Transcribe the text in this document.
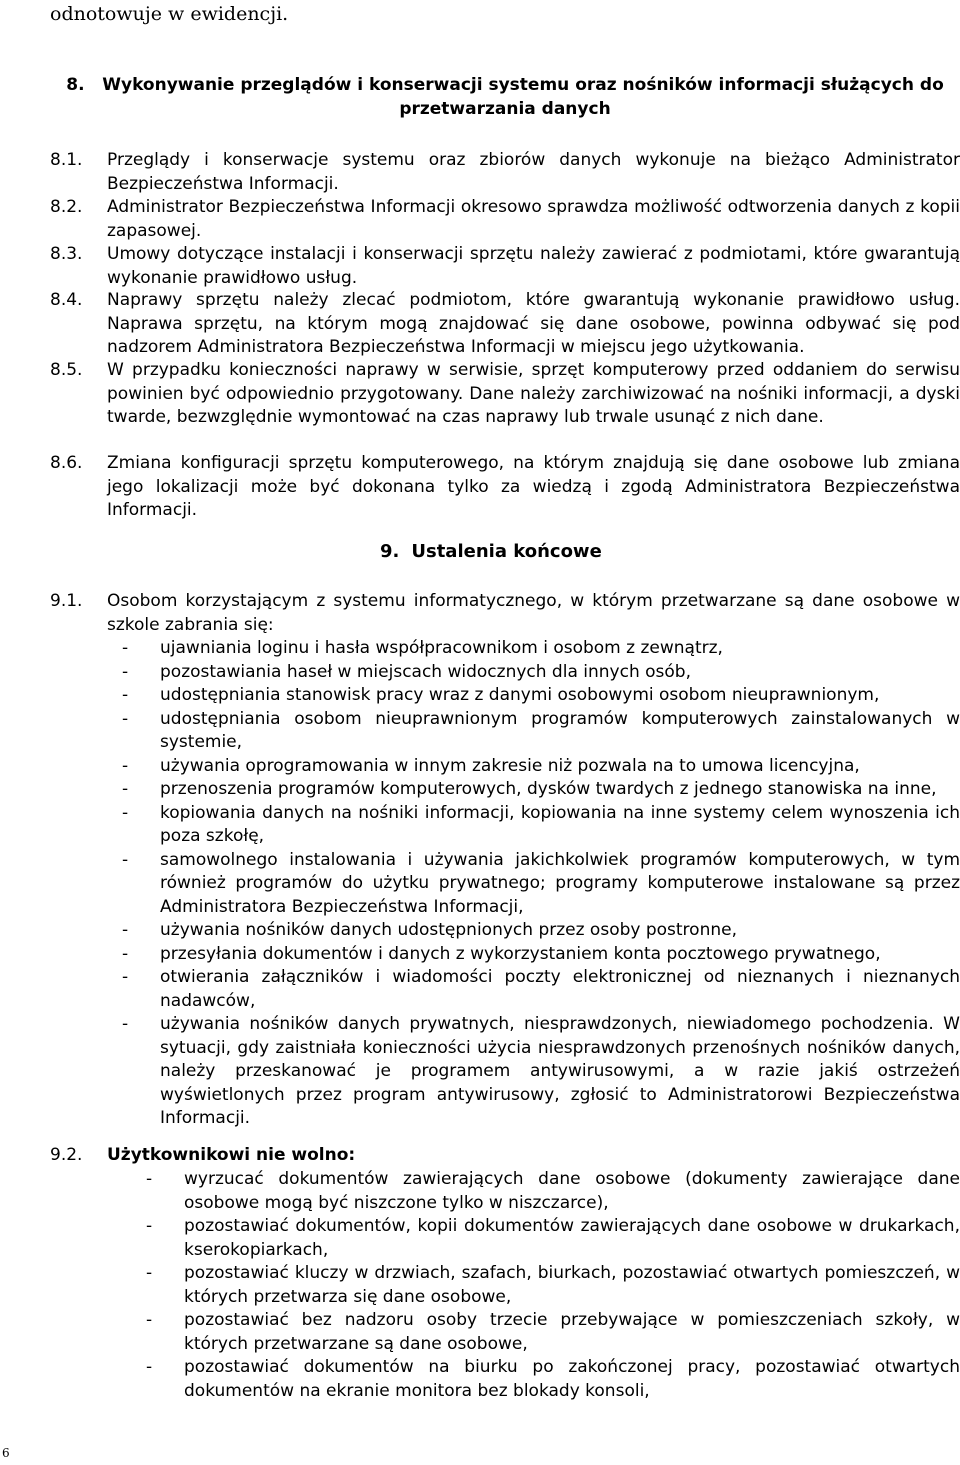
odnotowuje w ewidencji.
8. Wykonywanie przeglądów i konserwacji systemu oraz nośników informacji służących do przetwarzania danych
8.1.	Przeglądy i konserwacje systemu oraz zbiorów danych wykonuje na bieżąco Administrator Bezpieczeństwa Informacji.
8.2.	Administrator Bezpieczeństwa Informacji okresowo sprawdza możliwość odtworzenia danych z kopii zapasowej.
8.3.	Umowy dotyczące instalacji i konserwacji sprzętu należy zawierać z podmiotami, które gwarantują wykonanie prawidłowo usług.
8.4.	Naprawy sprzętu należy zlecać podmiotom, które gwarantują wykonanie prawidłowo usług. Naprawa sprzętu, na którym mogą znajdować się dane osobowe, powinna odbywać się pod nadzorem Administratora Bezpieczeństwa Informacji w miejscu jego użytkowania.
8.5.	W przypadku konieczności naprawy w serwisie, sprzęt komputerowy przed oddaniem do serwisu powinien być odpowiednio przygotowany. Dane należy zarchiwizować na nośniki informacji, a dyski twarde, bezwzględnie wymontować na czas naprawy lub trwale usunąć z nich dane.
8.6.	Zmiana konfiguracji sprzętu komputerowego, na którym znajdują się dane osobowe lub zmiana jego lokalizacji może być dokonana tylko za wiedzą i zgodą Administratora Bezpieczeństwa Informacji.
9. Ustalenia końcowe
9.1.	Osobom korzystającym z systemu informatycznego, w którym przetwarzane są dane osobowe w szkole zabrania się:
-	ujawniania loginu i hasła współpracownikom i osobom z zewnątrz,
-	pozostawiania haseł w miejscach widocznych dla innych osób,
-	udostępniania stanowisk pracy wraz z danymi osobowymi osobom nieuprawnionym,
-	udostępniania osobom nieuprawnionym programów komputerowych zainstalowanych w systemie,
-	używania oprogramowania w innym zakresie niż pozwala na to umowa licencyjna,
-	przenoszenia programów komputerowych, dysków twardych z jednego stanowiska na inne,
-	kopiowania danych na nośniki informacji, kopiowania na inne systemy celem wynoszenia ich poza szkołę,
-	samowolnego instalowania i używania jakichkolwiek programów komputerowych, w tym również programów do użytku prywatnego; programy komputerowe instalowane są przez Administratora Bezpieczeństwa Informacji,
-	używania nośników danych udostępnionych przez osoby postronne,
-	przesyłania dokumentów i danych z wykorzystaniem konta pocztowego prywatnego,
-	otwierania załączników i wiadomości poczty elektronicznej od nieznanych i nieznanych nadawców,
-	używania nośników danych prywatnych, niesprawdzonych, niewiadomego pochodzenia. W sytuacji, gdy zaistniała konieczności użycia niesprawdzonych przenośnych nośników danych, należy przeskanować je programem antywirusowymi, a w razie jakiś ostrzeżeń wyświetlonych przez program antywirusowy, zgłosić to Administratorowi Bezpieczeństwa Informacji.
9.2.	Użytkownikowi nie wolno:
-	wyrzucać dokumentów zawierających dane osobowe (dokumenty zawierające dane osobowe mogą być niszczone tylko w niszczarce),
-	pozostawiać dokumentów, kopii dokumentów zawierających dane osobowe w drukarkach, kserokopiarkach,
-	pozostawiać kluczy w drzwiach, szafach, biurkach, pozostawiać otwartych pomieszczeń, w których przetwarza się dane osobowe,
-	pozostawiać bez nadzoru osoby trzecie przebywające w pomieszczeniach szkoły, w których przetwarzane są dane osobowe,
-	pozostawiać dokumentów na biurku po zakończonej pracy, pozostawiać otwartych dokumentów na ekranie monitora bez blokady konsoli,
6
